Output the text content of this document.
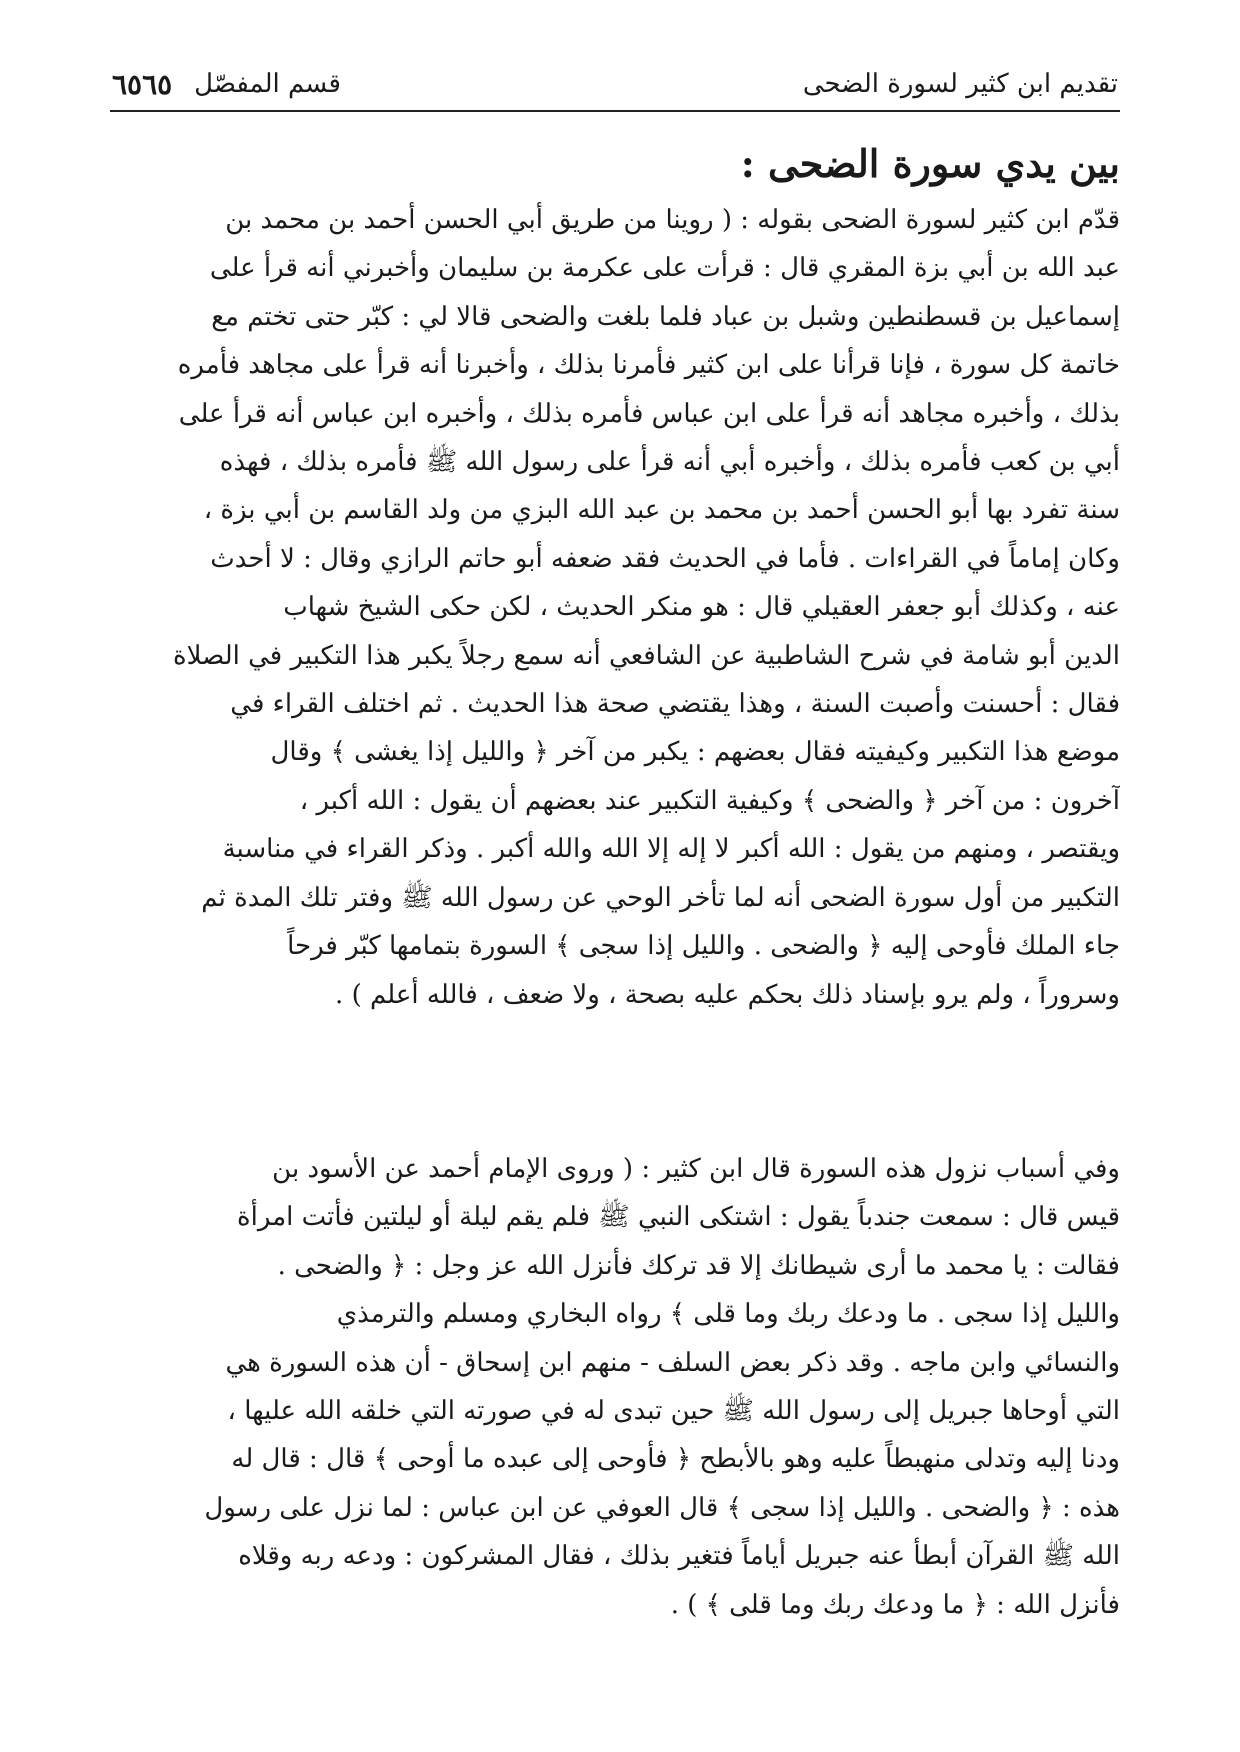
تقديم ابن كثير لسورة الضحى
قسم المفصّل
٦٥٦٥
بين يدي سورة الضحى :
قدّم ابن كثير لسورة الضحى بقوله : ( روينا من طريق أبي الحسن أحمد بن محمد بن
عبد الله بن أبي بزة المقري قال : قرأت على عكرمة بن سليمان وأخبرني أنه قرأ على
إسماعيل بن قسطنطين وشبل بن عباد فلما بلغت والضحى قالا لي : كبّر حتى تختم مع
خاتمة كل سورة ، فإنا قرأنا على ابن كثير فأمرنا بذلك ، وأخبرنا أنه قرأ على مجاهد فأمره
بذلك ، وأخبره مجاهد أنه قرأ على ابن عباس فأمره بذلك ، وأخبره ابن عباس أنه قرأ على
أبي بن كعب فأمره بذلك ، وأخبره أبي أنه قرأ على رسول الله ﷺ فأمره بذلك ، فهذه
سنة تفرد بها أبو الحسن أحمد بن محمد بن عبد الله البزي من ولد القاسم بن أبي بزة ،
وكان إماماً في القراءات . فأما في الحديث فقد ضعفه أبو حاتم الرازي وقال : لا أحدث
عنه ، وكذلك أبو جعفر العقيلي قال : هو منكر الحديث ، لكن حكى الشيخ شهاب
الدين أبو شامة في شرح الشاطبية عن الشافعي أنه سمع رجلاً يكبر هذا التكبير في الصلاة
فقال : أحسنت وأصبت السنة ، وهذا يقتضي صحة هذا الحديث . ثم اختلف القراء في
موضع هذا التكبير وكيفيته فقال بعضهم : يكبر من آخر ﴿ والليل إذا يغشى ﴾ وقال
آخرون : من آخر ﴿ والضحى ﴾ وكيفية التكبير عند بعضهم أن يقول : الله أكبر ،
ويقتصر ، ومنهم من يقول : الله أكبر لا إله إلا الله والله أكبر . وذكر القراء في مناسبة
التكبير من أول سورة الضحى أنه لما تأخر الوحي عن رسول الله ﷺ وفتر تلك المدة ثم
جاء الملك فأوحى إليه ﴿ والضحى . والليل إذا سجى ﴾ السورة بتمامها كبّر فرحاً
وسروراً ، ولم يرو بإسناد ذلك بحكم عليه بصحة ، ولا ضعف ، فالله أعلم ) .
وفي أسباب نزول هذه السورة قال ابن كثير : ( وروى الإمام أحمد عن الأسود بن
قيس قال : سمعت جندباً يقول : اشتكى النبي ﷺ فلم يقم ليلة أو ليلتين فأتت امرأة
فقالت : يا محمد ما أرى شيطانك إلا قد تركك فأنزل الله عز وجل : ﴿ والضحى .
والليل إذا سجى . ما ودعك ربك وما قلى ﴾ رواه البخاري ومسلم والترمذي
والنسائي وابن ماجه . وقد ذكر بعض السلف - منهم ابن إسحاق - أن هذه السورة هي
التي أوحاها جبريل إلى رسول الله ﷺ حين تبدى له في صورته التي خلقه الله عليها ،
ودنا إليه وتدلى منهبطاً عليه وهو بالأبطح ﴿ فأوحى إلى عبده ما أوحى ﴾ قال : قال له
هذه : ﴿ والضحى . والليل إذا سجى ﴾ قال العوفي عن ابن عباس : لما نزل على رسول
الله ﷺ القرآن أبطأ عنه جبريل أياماً فتغير بذلك ، فقال المشركون : ودعه ربه وقلاه
فأنزل الله : ﴿ ما ودعك ربك وما قلى ﴾ ) .
